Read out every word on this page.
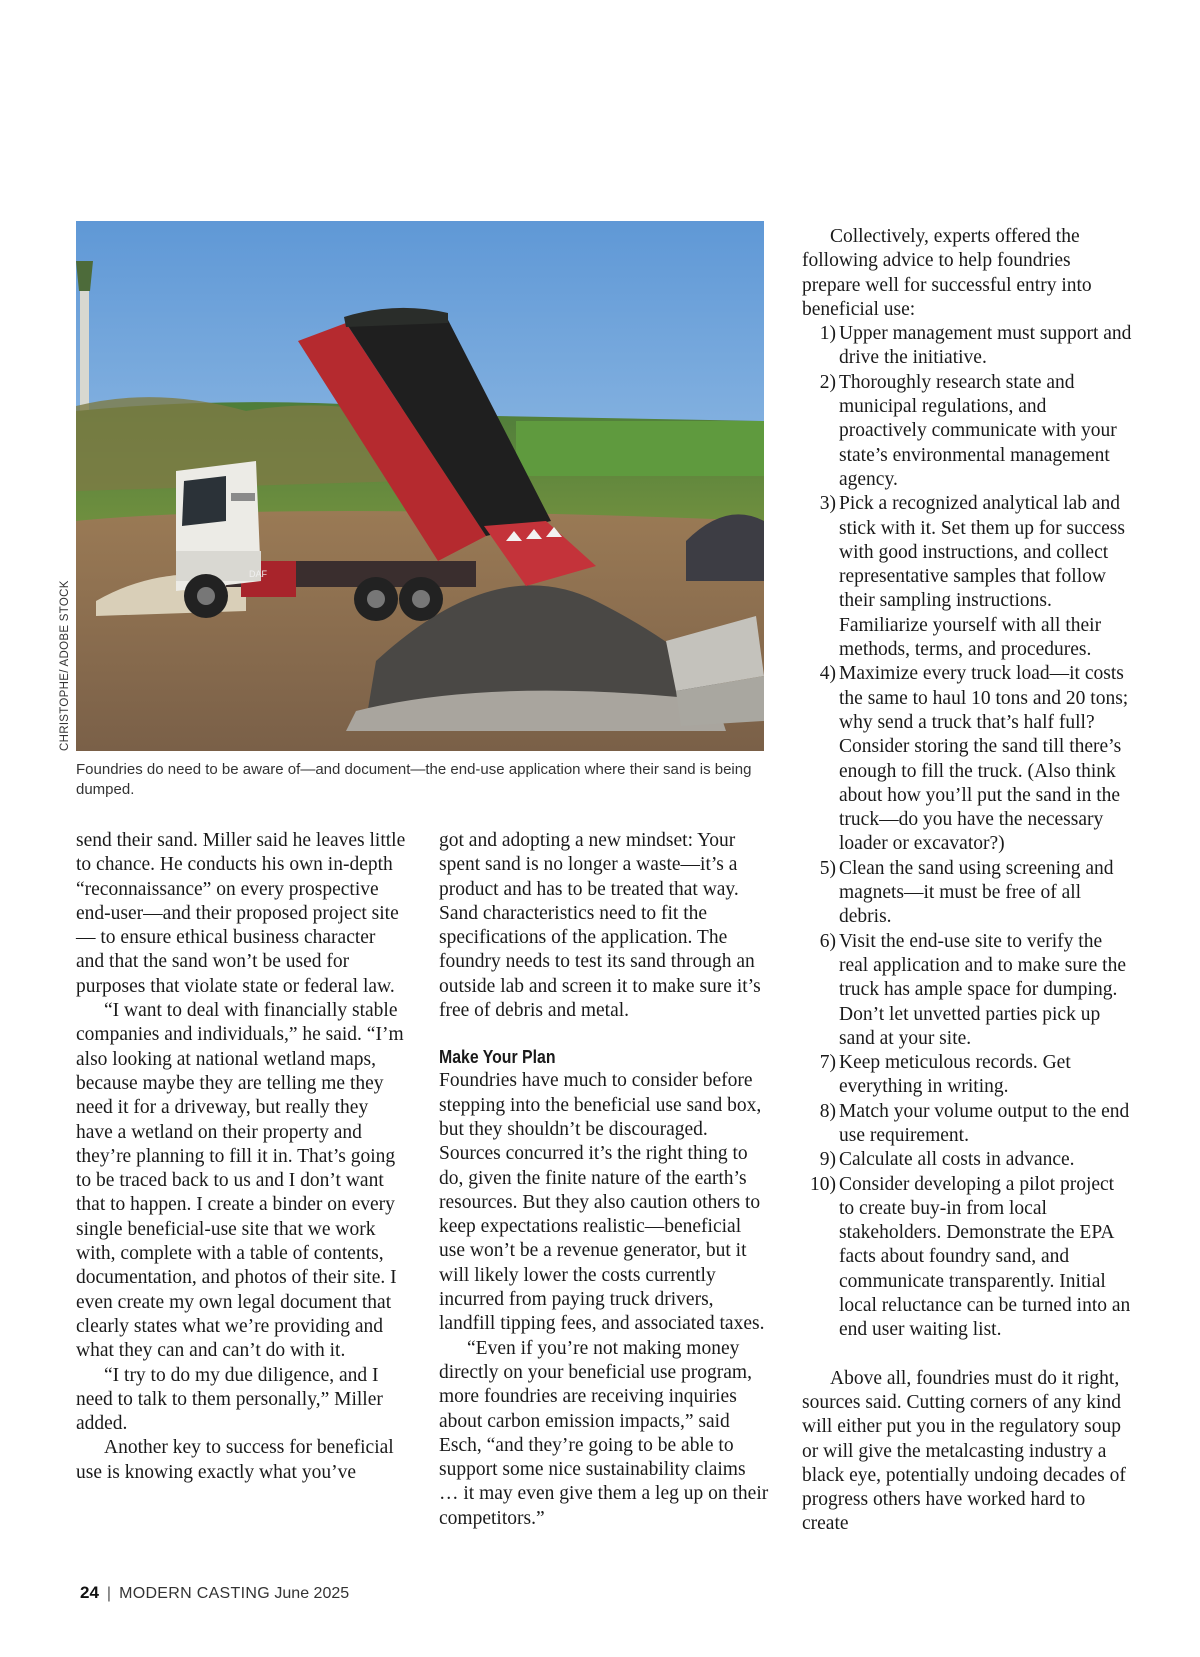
DAF
CHRISTOPHE/ ADOBE STOCK
Foundries do need to be aware of—and document—the end-use application where their sand is being dumped.

send their sand. Miller said he leaves little to chance. He conducts his own in-depth “reconnaissance” on every prospective end-user—and their proposed project site— to ensure ethical business character and that the sand won’t be used for purposes that violate state or federal law.

“I want to deal with financially stable companies and individuals,” he said. “I’m also looking at national wetland maps, because maybe they are telling me they need it for a driveway, but really they have a wetland on their property and they’re planning to fill it in. That’s going to be traced back to us and I don’t want that to happen. I create a binder on every single beneficial-use site that we work with, complete with a table of contents, documentation, and photos of their site. I even create my own legal document that clearly states what we’re providing and what they can and can’t do with it.

“I try to do my due diligence, and I need to talk to them personally,” Miller added.

Another key to success for beneficial use is knowing exactly what you’ve

got and adopting a new mindset: Your spent sand is no longer a waste—it’s a product and has to be treated that way. Sand characteristics need to fit the specifications of the application. The foundry needs to test its sand through an outside lab and screen it to make sure it’s free of debris and metal.

Make Your Plan

Foundries have much to consider before stepping into the beneficial use sand box, but they shouldn’t be discouraged. Sources concurred it’s the right thing to do, given the finite nature of the earth’s resources. But they also caution others to keep expectations realistic—beneficial use won’t be a revenue generator, but it will likely lower the costs currently incurred from paying truck drivers, landfill tipping fees, and associated taxes.

“Even if you’re not making money directly on your beneficial use program, more foundries are receiving inquiries about carbon emission impacts,” said Esch, “and they’re going to be able to support some nice sustainability claims … it may even give them a leg up on their competitors.”

Collectively, experts offered the following advice to help foundries prepare well for successful entry into beneficial use:

1) Upper management must support and drive the initiative.
2) Thoroughly research state and municipal regulations, and proactively communicate with your state’s environmental management agency.
3) Pick a recognized analytical lab and stick with it. Set them up for success with good instructions, and collect representative samples that follow their sampling instructions. Familiarize yourself with all their methods, terms, and procedures.
4) Maximize every truck load—it costs the same to haul 10 tons and 20 tons; why send a truck that’s half full? Consider storing the sand till there’s enough to fill the truck. (Also think about how you’ll put the sand in the truck—do you have the necessary loader or excavator?)
5) Clean the sand using screening and magnets—it must be free of all debris.
6) Visit the end-use site to verify the real application and to make sure the truck has ample space for dumping. Don’t let unvetted parties pick up sand at your site.
7) Keep meticulous records. Get everything in writing.
8) Match your volume output to the end use requirement.
9) Calculate all costs in advance.
10) Consider developing a pilot project to create buy-in from local stakeholders. Demonstrate the EPA facts about foundry sand, and communicate transparently. Initial local reluctance can be turned into an end user waiting list.

Above all, foundries must do it right, sources said. Cutting corners of any kind will either put you in the regulatory soup or will give the metalcasting industry a black eye, potentially undoing decades of progress others have worked hard to create

24 | MODERN CASTING June 2025
